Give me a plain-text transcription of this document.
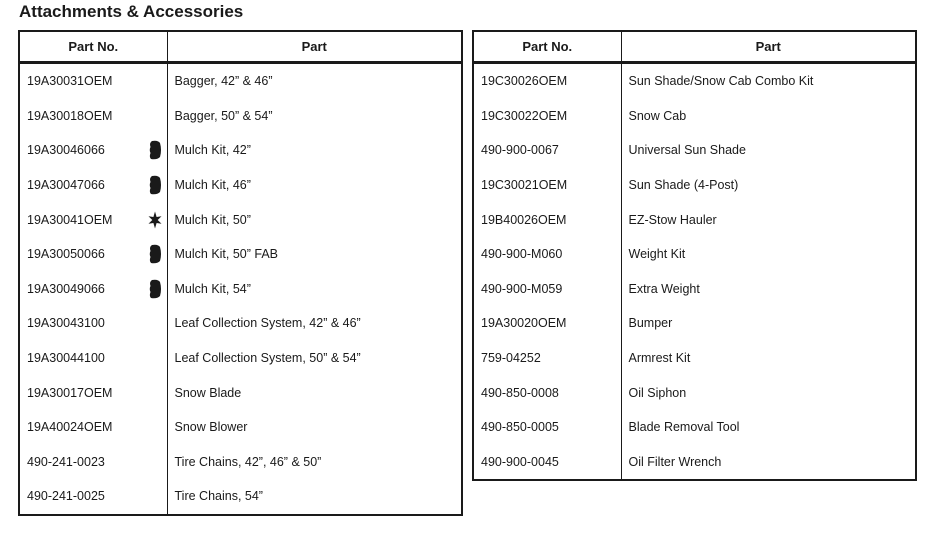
Attachments & Accessories
Part No.	Part
19A30031OEM	Bagger, 42” & 46”
19A30018OEM	Bagger, 50” & 54”
19A30046066	Mulch Kit, 42”
19A30047066	Mulch Kit, 46”
19A30041OEM	Mulch Kit, 50”
19A30050066	Mulch Kit, 50” FAB
19A30049066	Mulch Kit, 54”
19A30043100	Leaf Collection System, 42” & 46”
19A30044100	Leaf Collection System, 50” & 54”
19A30017OEM	Snow Blade
19A40024OEM	Snow Blower
490-241-0023	Tire Chains, 42”, 46” & 50”
490-241-0025	Tire Chains, 54”
Part No.	Part
19C30026OEM	Sun Shade/Snow Cab Combo Kit
19C30022OEM	Snow Cab
490-900-0067	Universal Sun Shade
19C30021OEM	Sun Shade (4-Post)
19B40026OEM	EZ-Stow Hauler
490-900-M060	Weight Kit
490-900-M059	Extra Weight
19A30020OEM	Bumper
759-04252	Armrest Kit
490-850-0008	Oil Siphon
490-850-0005	Blade Removal Tool
490-900-0045	Oil Filter Wrench
